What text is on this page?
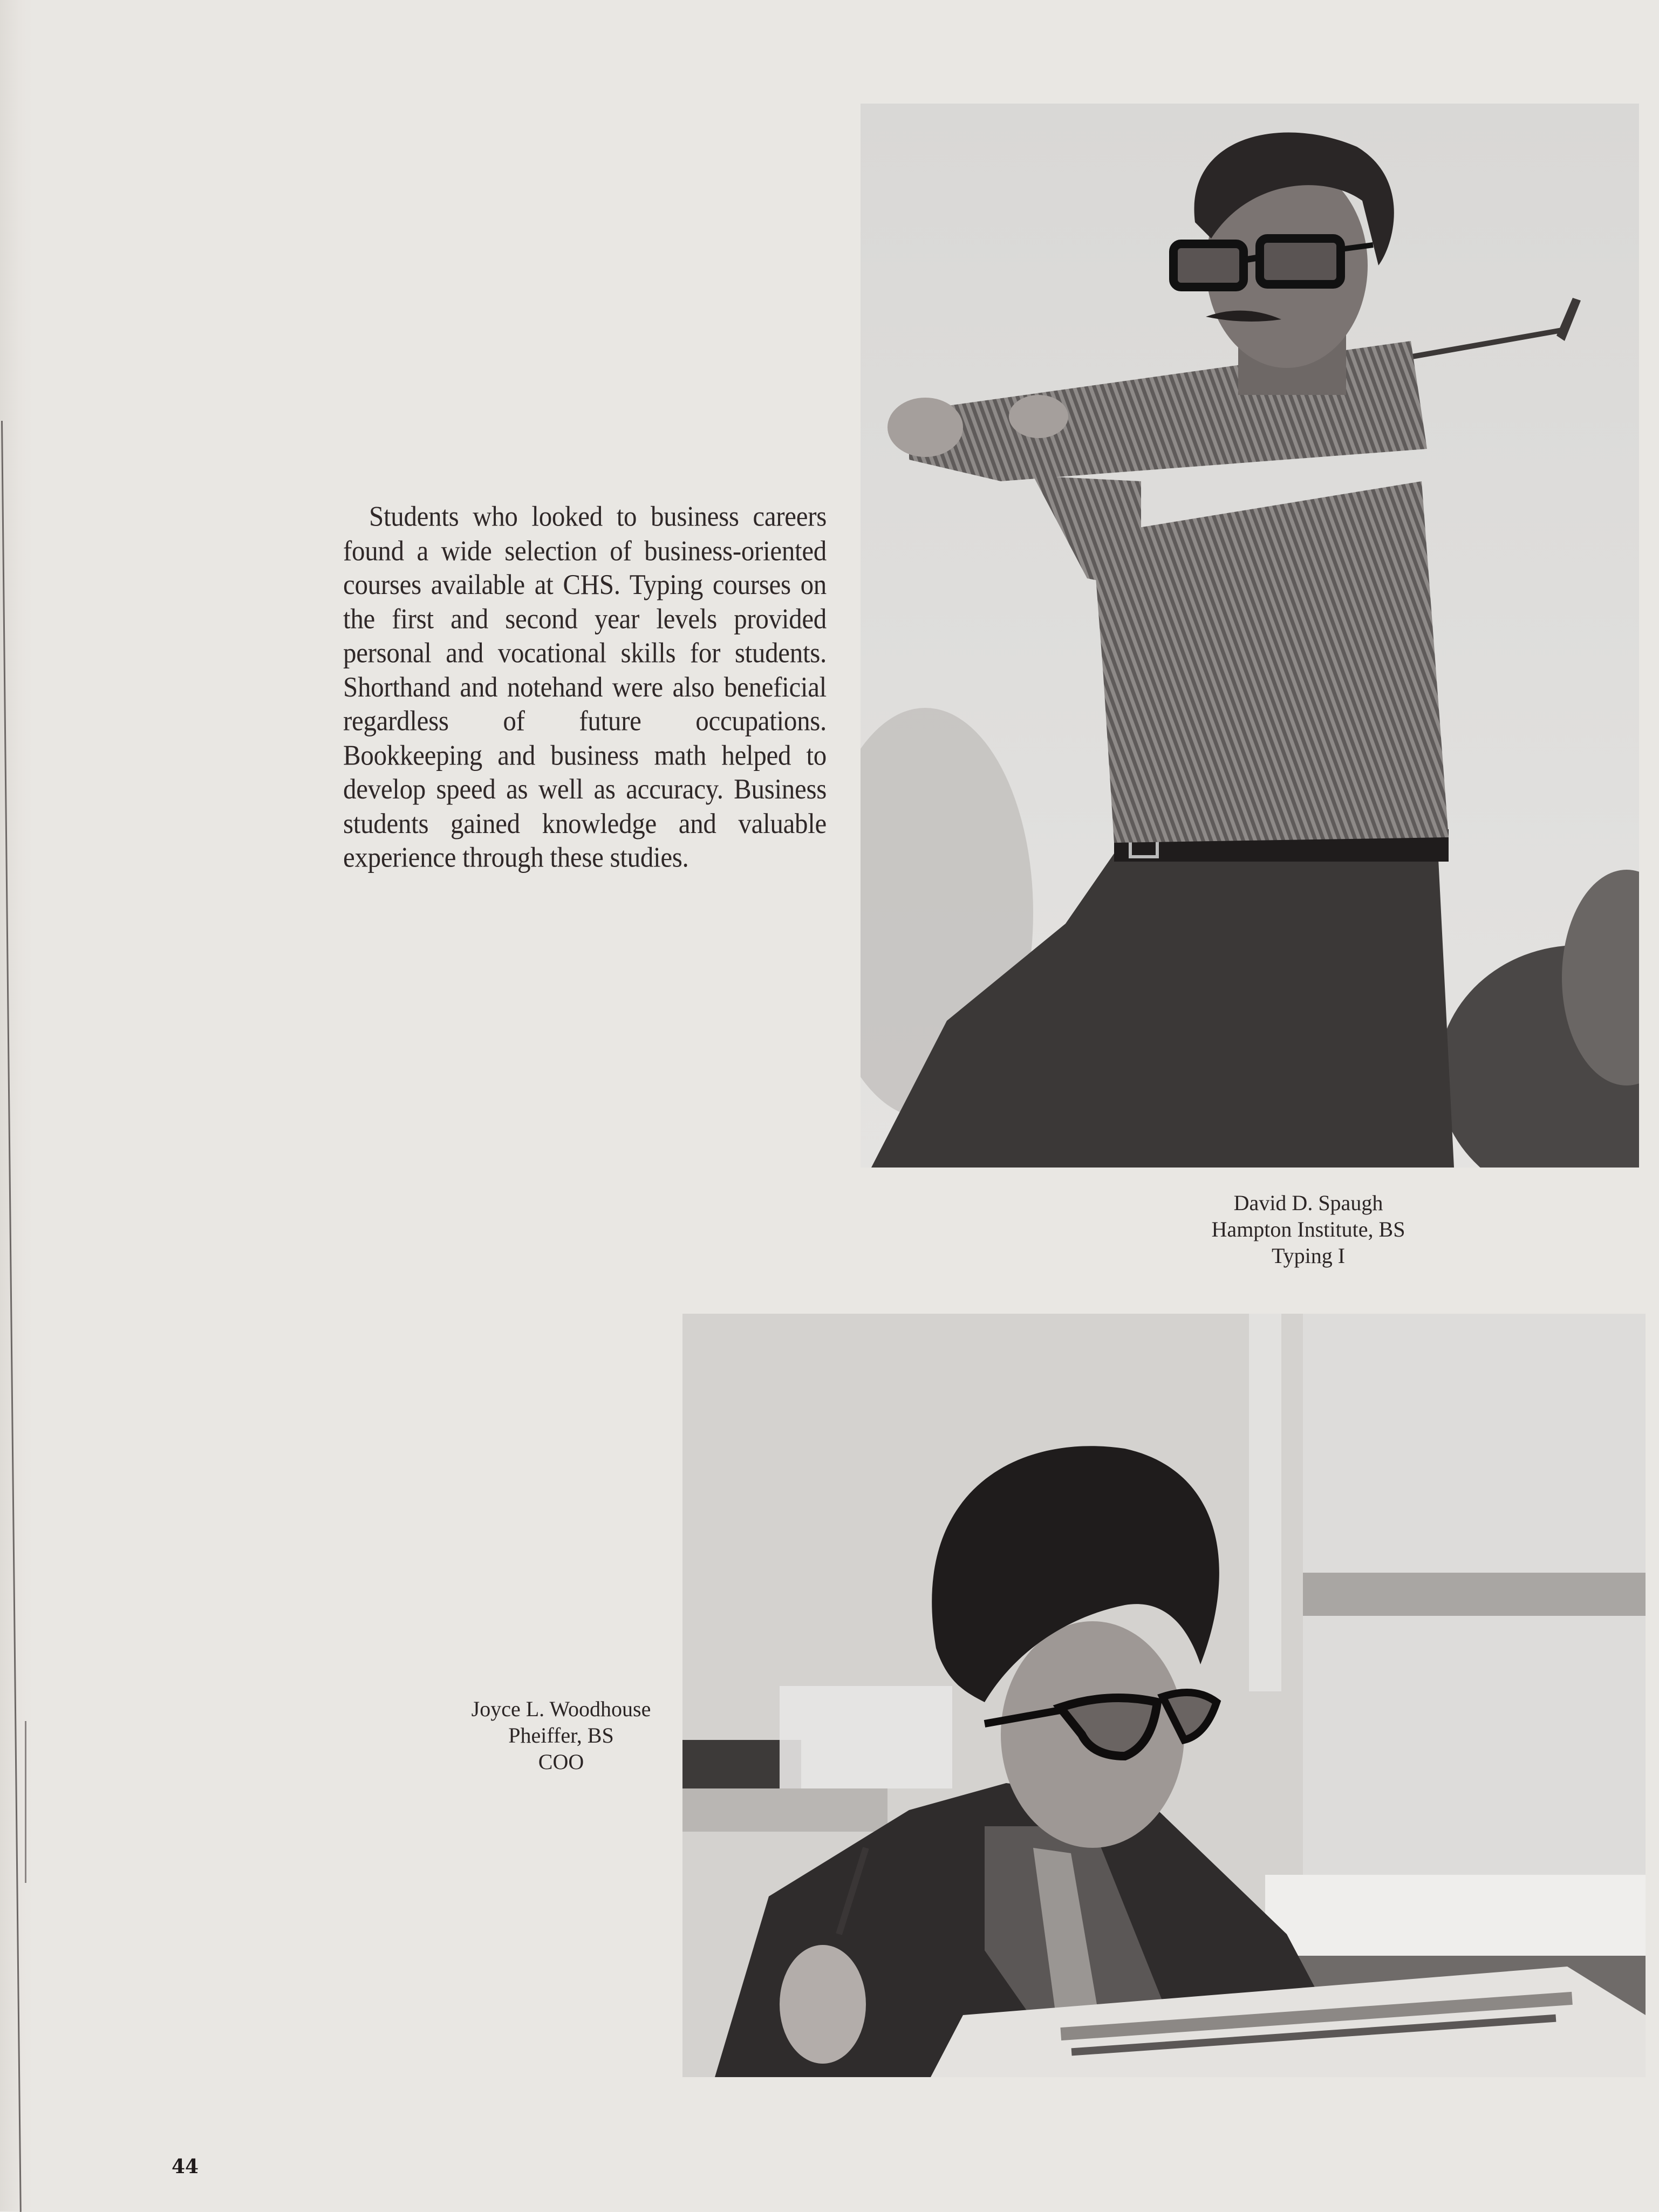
Students who looked to business careers found a wide selection of business-oriented courses available at CHS. Typing courses on the first and second year levels provided personal and vocational skills for students. Shorthand and notehand were also beneficial regardless of future occupations. Bookkeeping and business math helped to develop speed as well as accuracy. Business students gained knowledge and valuable experience through these studies.

David D. Spaugh
Hampton Institute, BS
Typing I
Joyce L. Woodhouse
Pheiffer, BS
COO
44
